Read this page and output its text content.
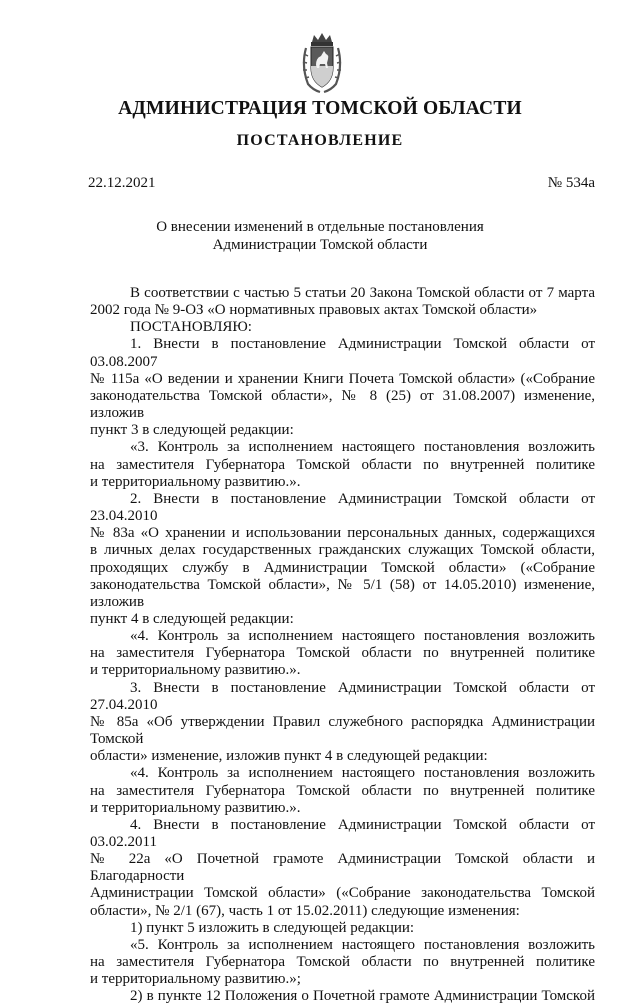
АДМИНИСТРАЦИЯ ТОМСКОЙ ОБЛАСТИ
ПОСТАНОВЛЕНИЕ
22.12.2021	№ 534а
О внесении изменений в отдельные постановления
Администрации Томской области

В соответствии с частью 5 статьи 20 Закона Томской области от 7 марта

2002 года № 9-ОЗ «О нормативных правовых актах Томской области»

ПОСТАНОВЛЯЮ:

1. Внести в постановление Администрации Томской области от 03.08.2007

№ 115а «О ведении и хранении Книги Почета Томской области» («Собрание

законодательства Томской области», № 8 (25) от 31.08.2007) изменение, изложив

пункт 3 в следующей редакции:

«3. Контроль за исполнением настоящего постановления возложить

на заместителя Губернатора Томской области по внутренней политике

и территориальному развитию.».

2. Внести в постановление Администрации Томской области от 23.04.2010

№ 83а «О хранении и использовании персональных данных, содержащихся

в личных делах государственных гражданских служащих Томской области,

проходящих службу в Администрации Томской области» («Собрание

законодательства Томской области», № 5/1 (58) от 14.05.2010) изменение, изложив

пункт 4 в следующей редакции:

«4. Контроль за исполнением настоящего постановления возложить

на заместителя Губернатора Томской области по внутренней политике

и территориальному развитию.».

3. Внести в постановление Администрации Томской области от 27.04.2010

№ 85а «Об утверждении Правил служебного распорядка Администрации Томской

области» изменение, изложив пункт 4 в следующей редакции:

«4. Контроль за исполнением настоящего постановления возложить

на заместителя Губернатора Томской области по внутренней политике

и территориальному развитию.».

4. Внести в постановление Администрации Томской области от 03.02.2011

№ 22а «О Почетной грамоте Администрации Томской области и Благодарности

Администрации Томской области» («Собрание законодательства Томской

области», № 2/1 (67), часть 1 от 15.02.2011) следующие изменения:

1) пункт 5 изложить в следующей редакции:

«5. Контроль за исполнением настоящего постановления возложить

на заместителя Губернатора Томской области по внутренней политике

и территориальному развитию.»;

2) в пункте 12 Положения о Почетной грамоте Администрации Томской
